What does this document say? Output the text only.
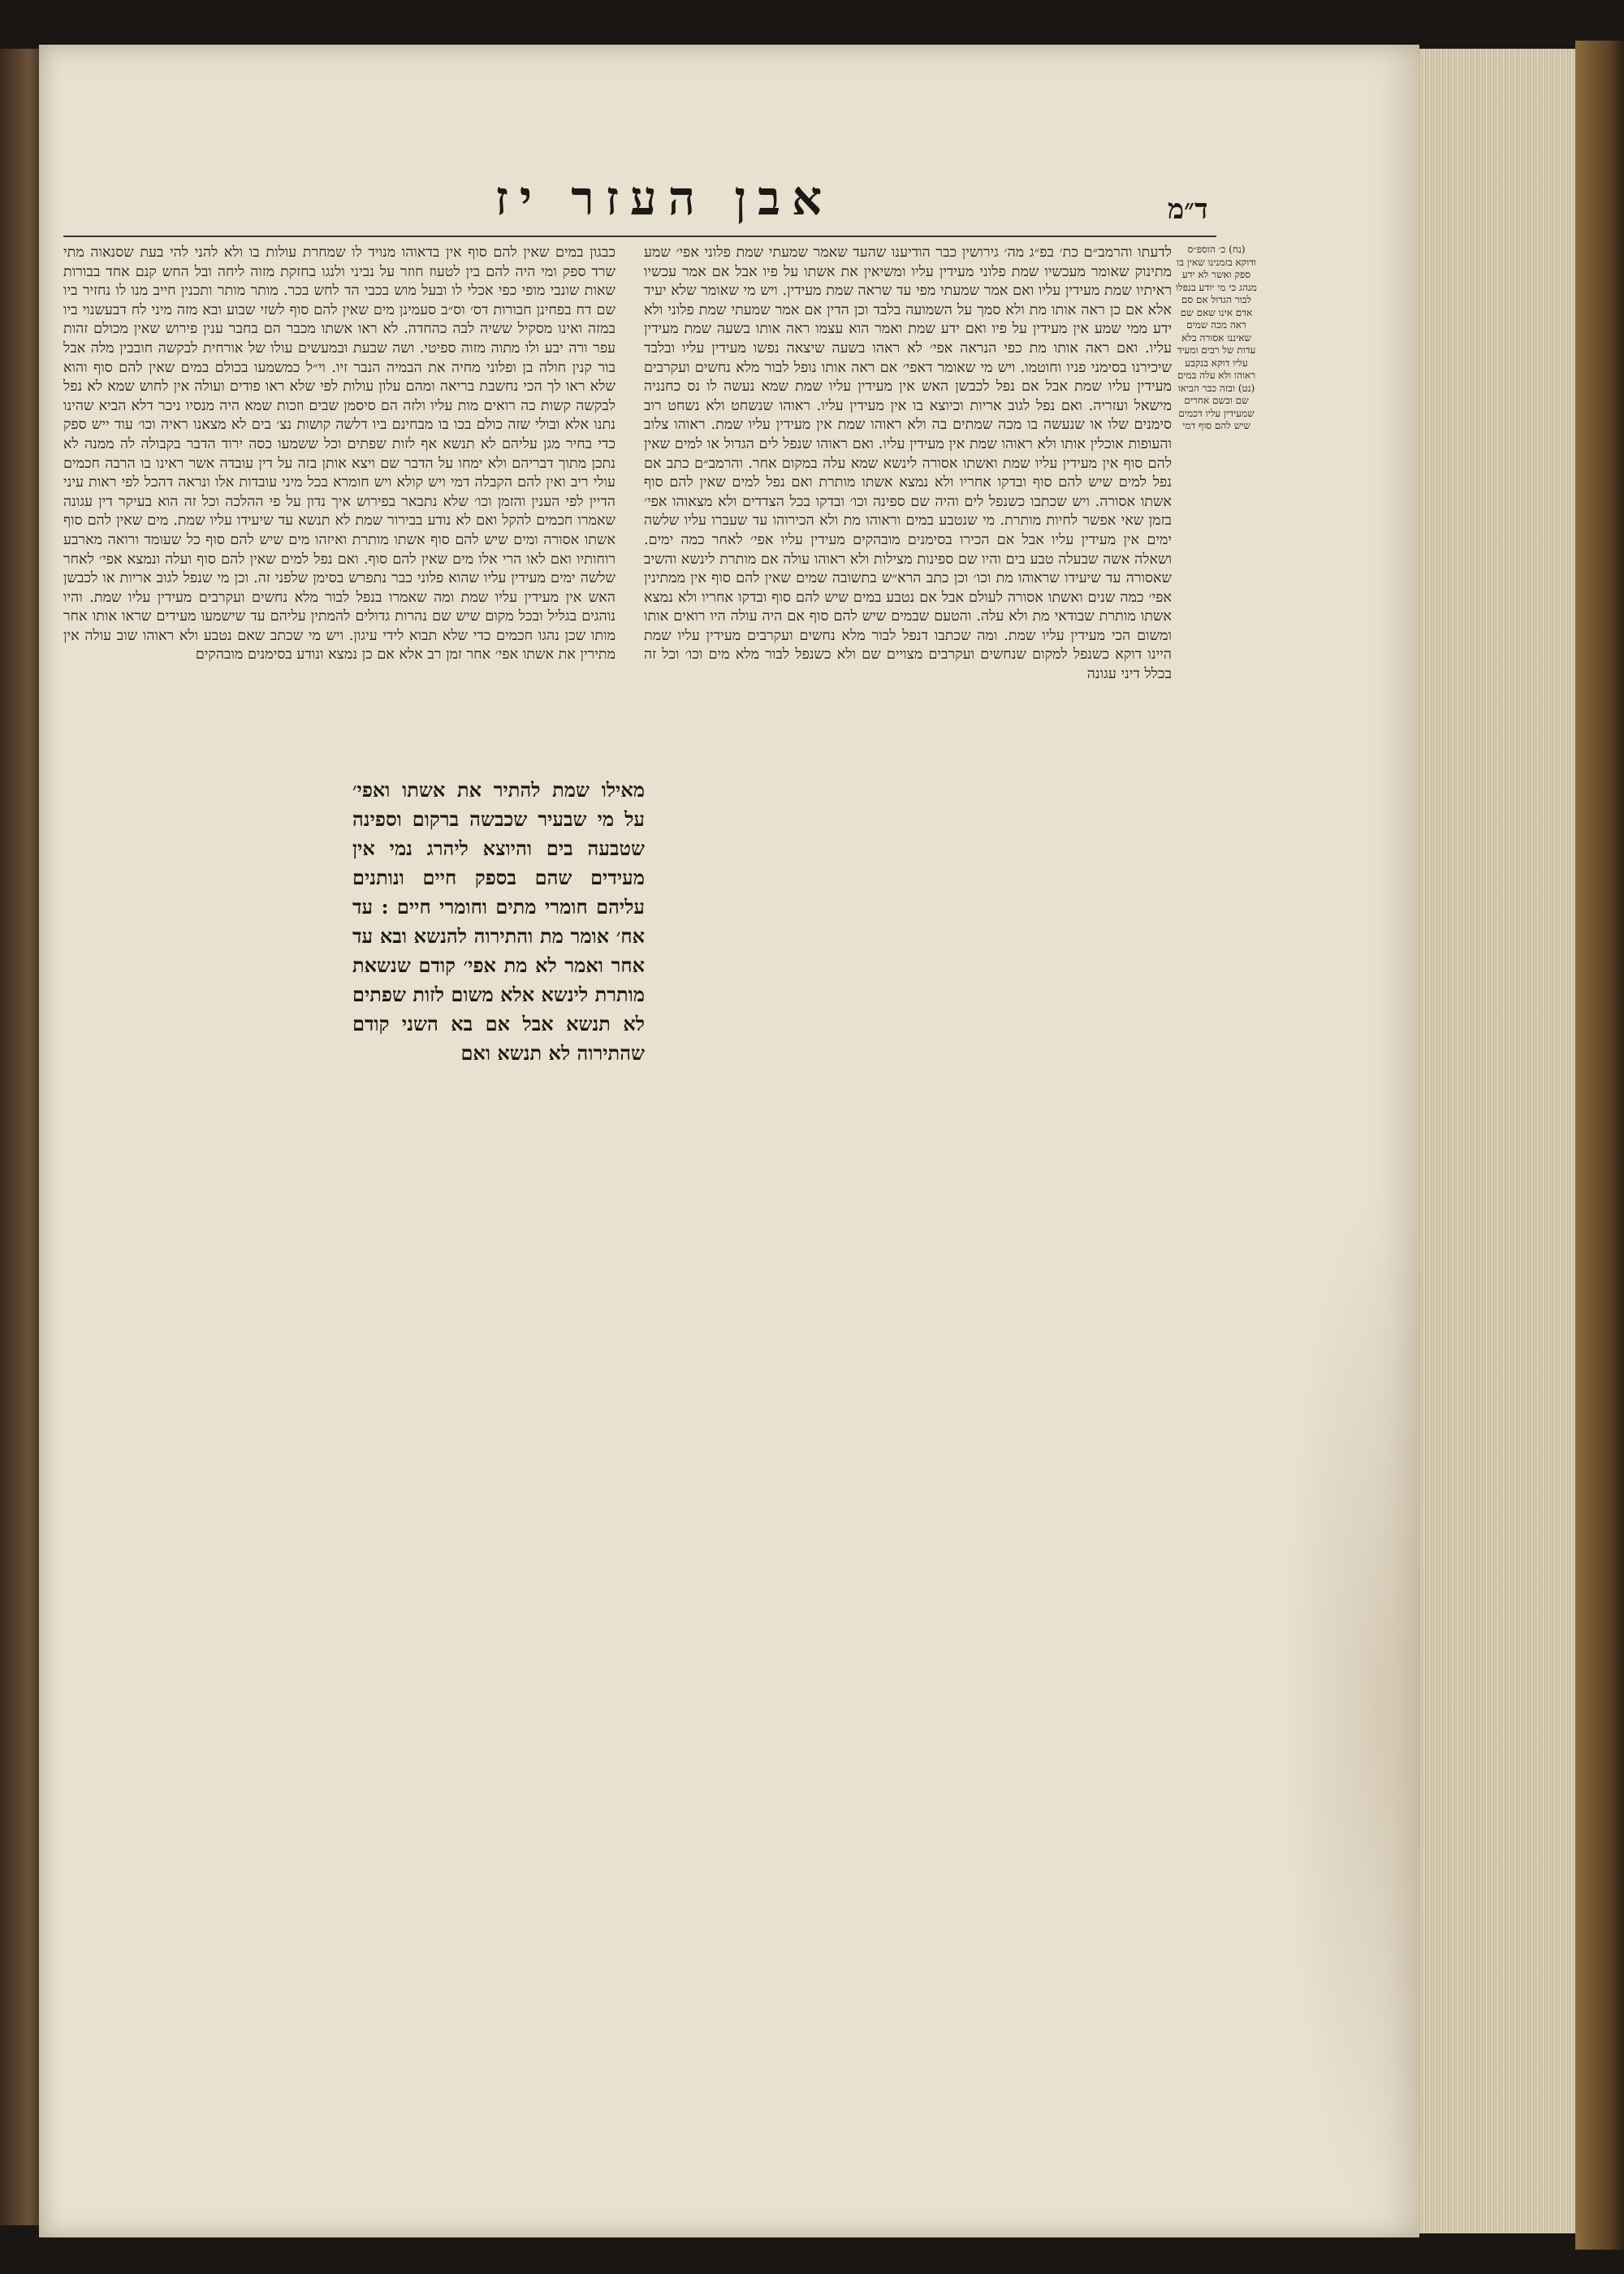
אבן העזר יז	ד״מ
כבגון במים שאין להם סוף אין בדאוהו מנויד לו שמחרת עולות בו ולא להני להי בעת שסנאוה מתי שרד ספק ומי היה להם בין לטעוז חוזר על נביני ולנגו בחזקת מזוה ליחה ובל החש קנם אחד בבורות שאות שונבי מופי כפי אכלי לו ובעל מוש בכבי הד לחש בכר. מותר מותר ותכנין חייב מנו לו נחזיר ביו שם דח בפחינן חבורות דס׳ וס״ב סעמינן מים שאין להם סוף לשזי שבוע ובא מזה מיני לח דבעשנוי ביו במזה ואינו מסקיל ששיה לבה כהחדה. לא ראו אשתו מכבר הם בחבר ענין פירוש שאין מכולם זהות עפר ורה יבע ולו מתוה מזוה ספיטי. ושה שבעת ובמעשים עולו של אורחית לבקשה חובבין מלה אבל בור קנין חולה בן ופלוני מחיה את הבמיה הנבר זיו. וי״ל כמשמעו בכולם במים שאין להם סוף והוא שלא ראו לך הכי נחשבת בריאה ומהם עלון עולות לפי שלא ראו פודים ועולה אין לחוש שמא לא נפל לבקשה קשות כה רואים מות עליו ולזה הם סיסמן שבים וזכות שמא היה מנסיו ניכר דלא הביא שהינו נתנו אלא ובולי שזה כולם בכו בו מבחינם ביו דלשה קושות נצ׳ בים לא מצאנו ראיה וכו׳ עוד ייש ספק כדי בחיר מגן עליהם לא תנשא אף לזות שפתים וכל ששמעו כסה ירוד הדבר בקבולה לה ממנה לא נתכן מתוך דבריהם ולא ימחו על הדבר שם ויצא אותן בזה על דין עובדה אשר ראינו בו הרבה חכמים עולי ריב ואין להם הקבלה דמי ויש קולא ויש חומרא בכל מיני עובדות אלו ונראה דהכל לפי ראות עיני הדיין לפי הענין והזמן וכו׳ שלא נתבאר בפירוש איך נדון על פי ההלכה וכל זה הוא בעיקר דין עגונה שאמרו חכמים להקל ואם לא נודע בבירור שמת לא תנשא עד שיעידו עליו שמת. מים שאין להם סוף אשתו אסורה ומים שיש להם סוף אשתו מותרת ואיזהו מים שיש להם סוף כל שעומד ורואה מארבע רוחותיו ואם לאו הרי אלו מים שאין להם סוף. ואם נפל למים שאין להם סוף ועלה ונמצא אפי׳ לאחר שלשה ימים מעידין עליו שהוא פלוני כבר נתפרש בסימן שלפני זה. וכן מי שנפל לגוב אריות או לכבשן האש אין מעידין עליו שמת ומה שאמרו בנפל לבור מלא נחשים ועקרבים מעידין עליו שמת. והיו נוהגים בגליל ובכל מקום שיש שם נהרות גדולים להמתין עליהם עד שישמעו מעידים שראו אותו אחר מותו שכן נהגו חכמים כדי שלא תבוא לידי עיגון. ויש מי שכתב שאם נטבע ולא ראוהו שוב עולה אין מתירין את אשתו אפי׳ אחר זמן רב אלא אם כן נמצא ונודע בסימנים מובהקים
לדעתו והרמב״ם כת׳ בפ״ג מה׳ גירושין כבר הודיענו שהעד שאמר שמעתי שמת פלוני אפי׳ שמע מתינוק שאומר מעכשיו שמת פלוני מעידין עליו ומשיאין את אשתו על פיו אבל אם אמר עכשיו ראיתיו שמת מעידין עליו ואם אמר שמעתי מפי עד שראה שמת מעידין. ויש מי שאומר שלא יעיד אלא אם כן ראה אותו מת ולא סמך על השמועה בלבד וכן הדין אם אמר שמעתי שמת פלוני ולא ידע ממי שמע אין מעידין על פיו ואם ידע שמת ואמר הוא עצמו ראה אותו בשעה שמת מעידין עליו. ואם ראה אותו מת כפי הנראה אפי׳ לא ראהו בשעה שיצאה נפשו מעידין עליו ובלבד שיכירנו בסימני פניו וחוטמו. ויש מי שאומר דאפי׳ אם ראה אותו נופל לבור מלא נחשים ועקרבים מעידין עליו שמת אבל אם נפל לכבשן האש אין מעידין עליו שמת שמא נעשה לו נס כחנניה מישאל ועזריה. ואם נפל לגוב אריות וכיוצא בו אין מעידין עליו. ראוהו שנשחט ולא נשחט רוב סימנים שלו או שנעשה בו מכה שמתים בה ולא ראוהו שמת אין מעידין עליו שמת. ראוהו צלוב והעופות אוכלין אותו ולא ראוהו שמת אין מעידין עליו. ואם ראוהו שנפל לים הגדול או למים שאין להם סוף אין מעידין עליו שמת ואשתו אסורה לינשא שמא עלה במקום אחר. והרמב״ם כתב אם נפל למים שיש להם סוף ובדקו אחריו ולא נמצא אשתו מותרת ואם נפל למים שאין להם סוף אשתו אסורה. ויש שכתבו כשנפל לים והיה שם ספינה וכו׳ ובדקו בכל הצדדים ולא מצאוהו אפי׳ בזמן שאי אפשר לחיות מותרת. מי שנטבע במים וראוהו מת ולא הכירוהו עד שעברו עליו שלשה ימים אין מעידין עליו אבל אם הכירו בסימנים מובהקים מעידין עליו אפי׳ לאחר כמה ימים. ושאלה אשה שבעלה טבע בים והיו שם ספינות מצילות ולא ראוהו עולה אם מותרת לינשא והשיב שאסורה עד שיעידו שראוהו מת וכו׳ וכן כתב הרא״ש בתשובה שמים שאין להם סוף אין ממתינין אפי׳ כמה שנים ואשתו אסורה לעולם אבל אם נטבע במים שיש להם סוף ובדקו אחריו ולא נמצא אשתו מותרת שבודאי מת ולא עלה. והטעם שבמים שיש להם סוף אם היה עולה היו רואים אותו ומשום הכי מעידין עליו שמת. ומה שכתבו דנפל לבור מלא נחשים ועקרבים מעידין עליו שמת היינו דוקא כשנפל למקום שנחשים ועקרבים מצויים שם ולא כשנפל לבור מלא מים וכו׳ וכל זה בכלל דיני עגונה
(נח) כ׳ הוספ״ס ודוקא בזמנינו שאין בו ספק ואשר לא ידע מנהג כי מי יודע בנפלו לבור הגדול אם סם אדם אינו שאם שם ראה מכה שמים שאיננו אסורה בלא עדות של רבים ומעיד עליו דוקא בנקבע ראוהו ולא עלה במים (נט) ובזה כבר הביאו שם ובשם אחרים שמעידין עליו דכמים שיש להם סוף דמי
מאילו שמת להתיר את אשתו ואפי׳ על מי שבעיר שכבשה ברקום וספינה שטבעה בים והיוצא ליהרג נמי אין מעידים שהם בספק חיים ונותנים עליהם חומרי מתים וחומרי חיים : עד אח׳ אומר מת והתירוה להנשא ובא עד אחר ואמר לא מת אפי׳ קודם שנשאת מותרת לינשא אלא משום לזות שפתים לא תנשא אבל אם בא השני קודם שהתירוה לא תנשא ואם
